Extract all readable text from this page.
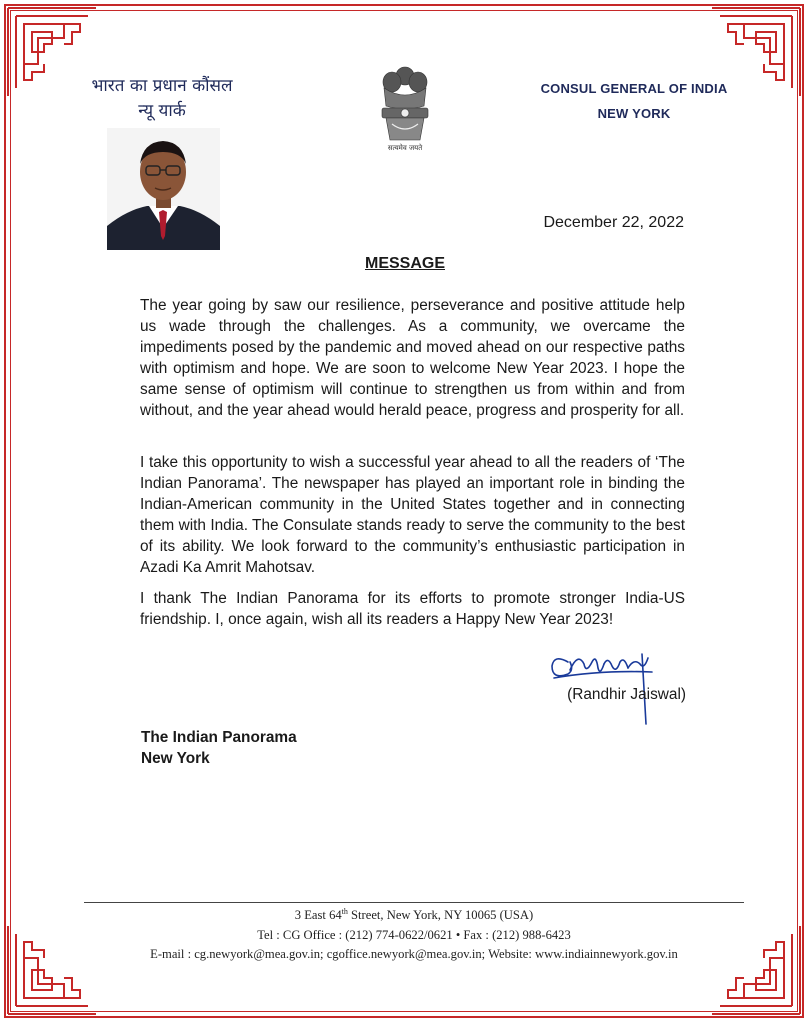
भारत का प्रधान कौंसल
न्यू यार्क
सत्यमेव जयते
CONSUL GENERAL OF INDIA
NEW YORK
December 22, 2022
MESSAGE
The year going by saw our resilience, perseverance and positive attitude help us wade through the challenges. As a community, we overcame the impediments posed by the pandemic and moved ahead on our respective paths with optimism and hope. We are soon to welcome New Year 2023. I hope the same sense of optimism will continue to strengthen us from within and from without, and the year ahead would herald peace, progress and prosperity for all.
I take this opportunity to wish a successful year ahead to all the readers of ‘The Indian Panorama’. The newspaper has played an important role in binding the Indian-American community in the United States together and in connecting them with India. The Consulate stands ready to serve the community to the best of its ability. We look forward to the community’s enthusiastic participation in Azadi Ka Amrit Mahotsav.
I thank The Indian Panorama for its efforts to promote stronger India-US friendship. I, once again, wish all its readers a Happy New Year 2023!
(Randhir Jaiswal)
The Indian Panorama
New York
3 East 64th Street, New York, NY 10065 (USA)
Tel : CG Office : (212) 774-0622/0621 • Fax : (212) 988-6423
E-mail : cg.newyork@mea.gov.in; cgoffice.newyork@mea.gov.in; Website: www.indiainnewyork.gov.in
